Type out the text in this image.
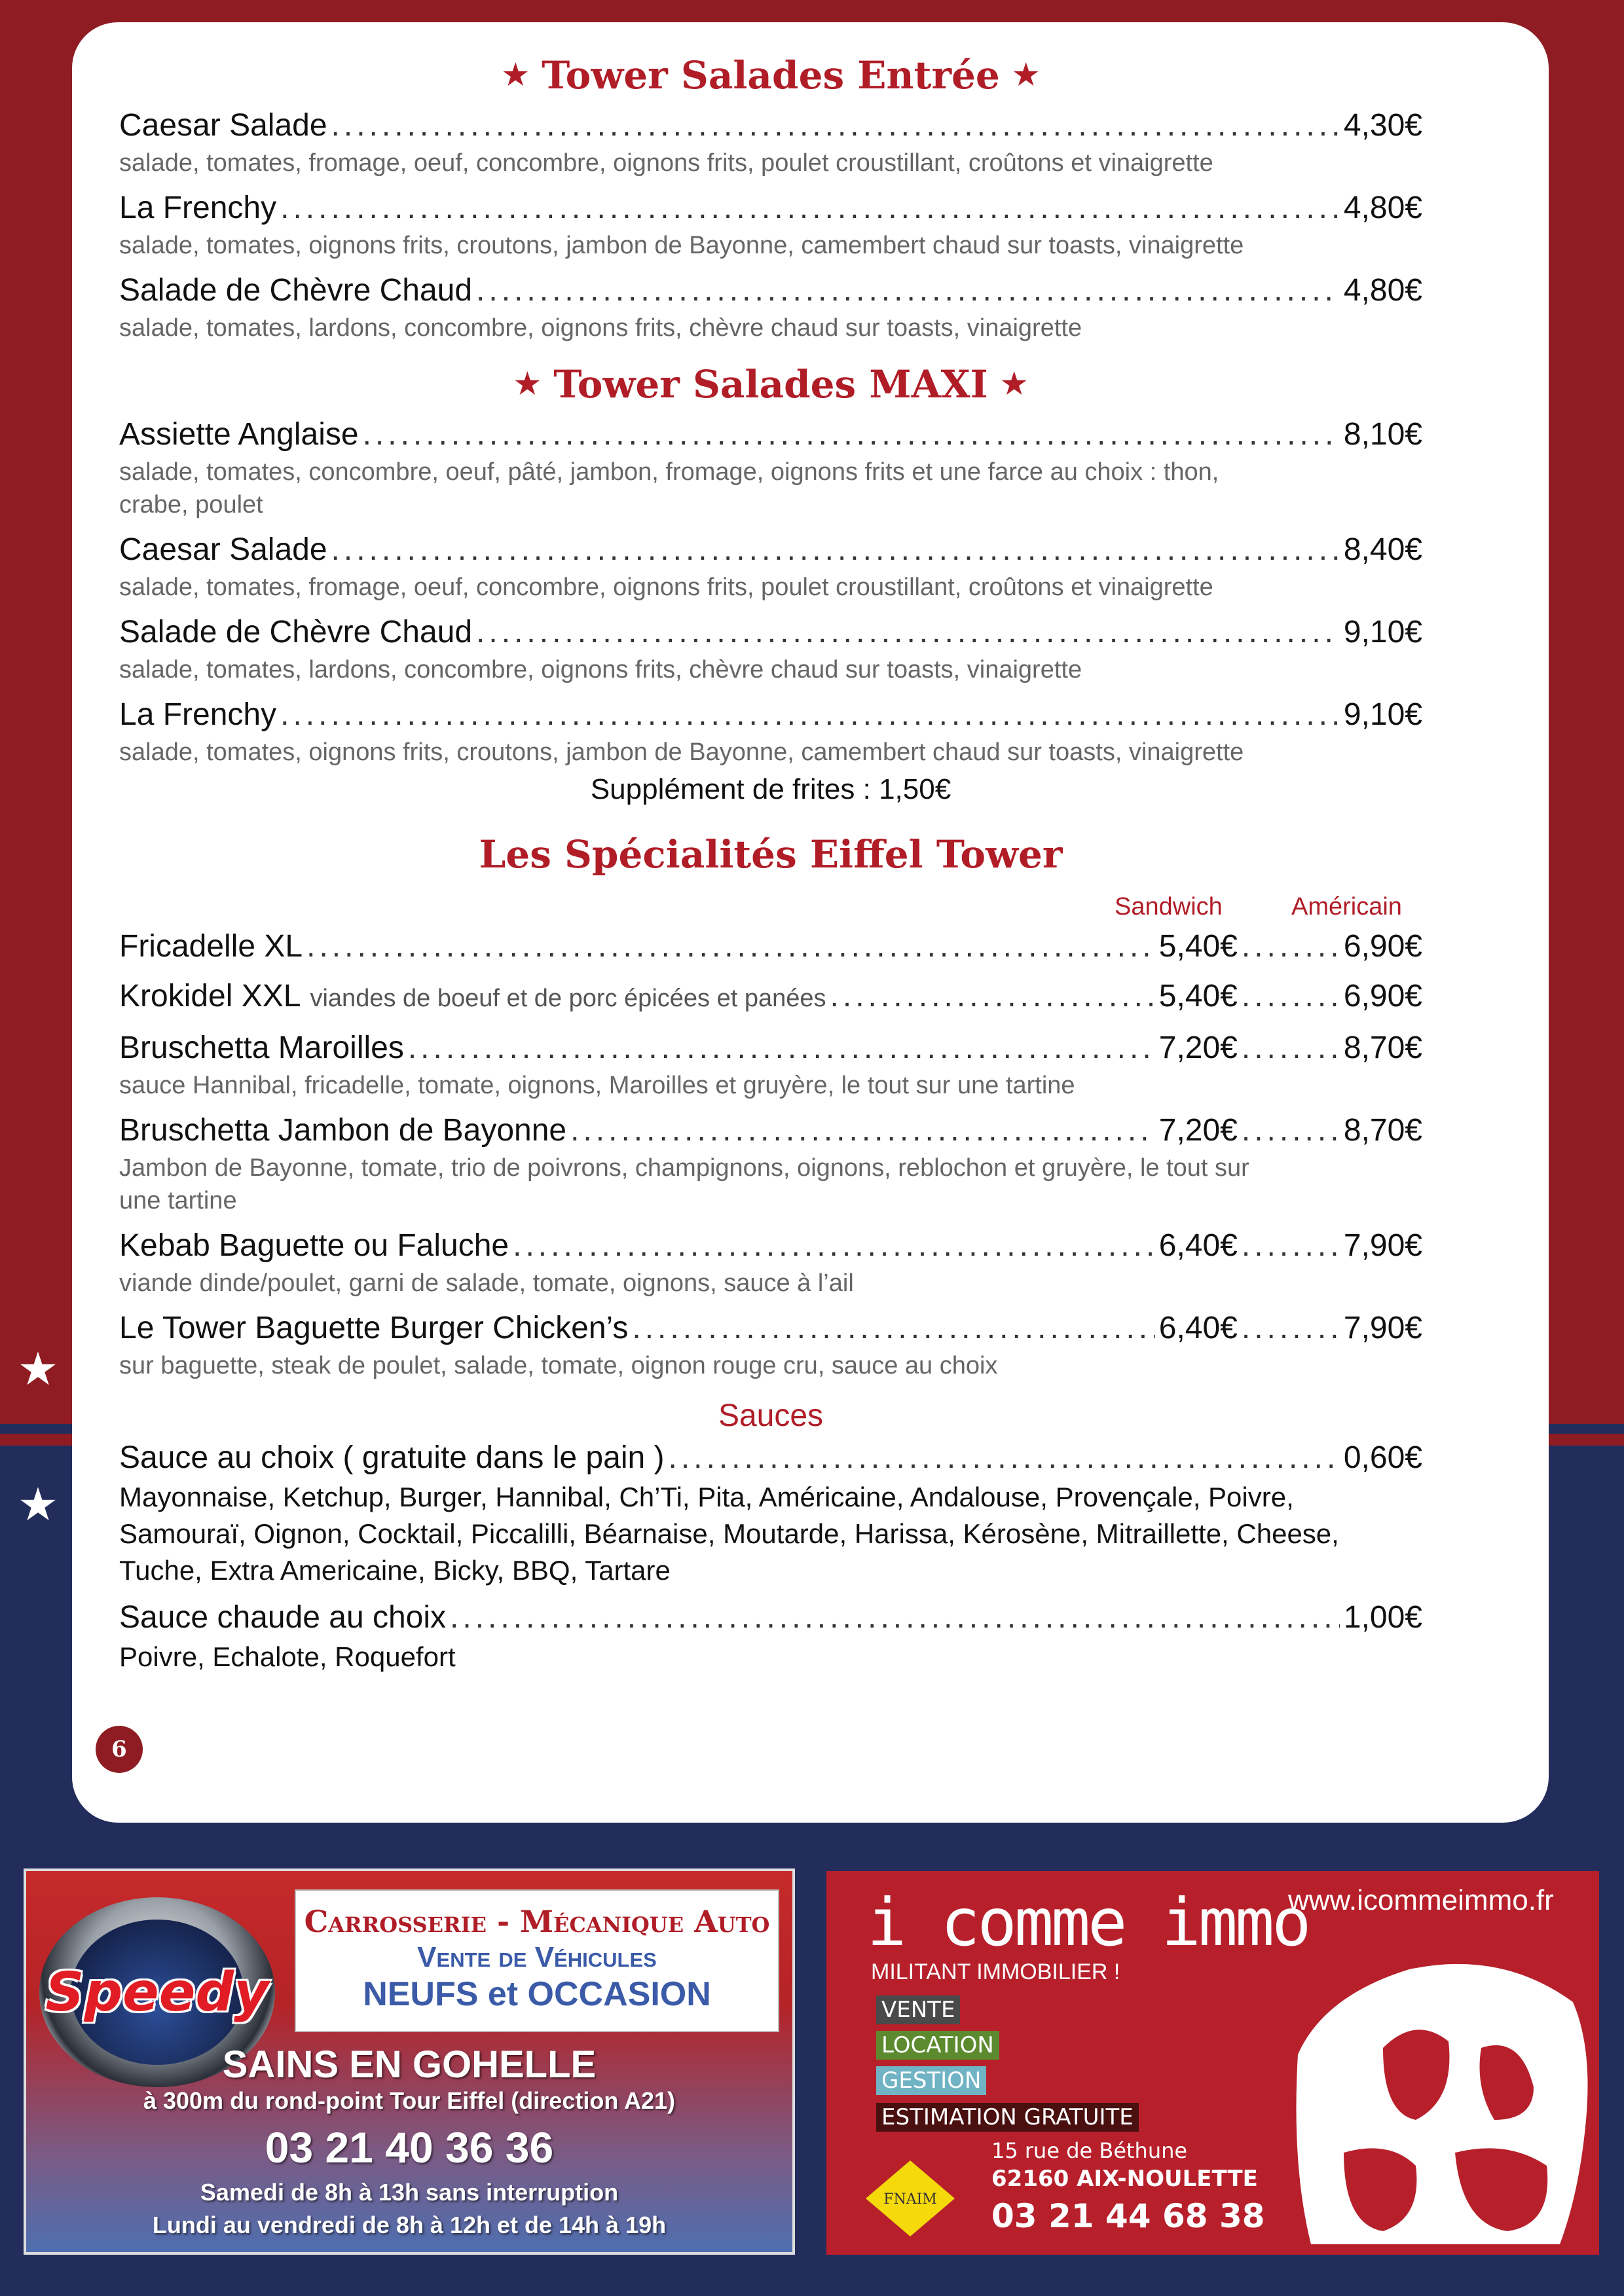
★
★
★ Tower Salades Entrée ★
Caesar Salade .....	4,30€
salade, tomates, fromage, oeuf, concombre, oignons frits, poulet croustillant, croûtons et vinaigrette
La Frenchy .....	4,80€
salade, tomates, oignons frits, croutons, jambon de Bayonne, camembert chaud sur toasts, vinaigrette
Salade de Chèvre Chaud .....	4,80€
salade, tomates, lardons, concombre, oignons frits, chèvre chaud sur toasts, vinaigrette
★ Tower Salades MAXI ★
Assiette Anglaise .....	8,10€
salade, tomates, concombre, oeuf, pâté, jambon, fromage, oignons frits et une farce au choix : thon, crabe, poulet
Caesar Salade .....	8,40€
salade, tomates, fromage, oeuf, concombre, oignons frits, poulet croustillant, croûtons et vinaigrette
Salade de Chèvre Chaud .....	9,10€
salade, tomates, lardons, concombre, oignons frits, chèvre chaud sur toasts, vinaigrette
La Frenchy .....	9,10€
salade, tomates, oignons frits, croutons, jambon de Bayonne, camembert chaud sur toasts, vinaigrette
Supplément de frites : 1,50€
Les Spécialités Eiffel Tower
Sandwich	Américain
Fricadelle XL .....	5,40€ .....	6,90€
Krokidel XXL viandes de boeuf et de porc épicées et panées .....	5,40€ .....	6,90€
Bruschetta Maroilles .....	7,20€ .....	8,70€
sauce Hannibal, fricadelle, tomate, oignons, Maroilles et gruyère, le tout sur une tartine
Bruschetta Jambon de Bayonne .....	7,20€ .....	8,70€
Jambon de Bayonne, tomate, trio de poivrons, champignons, oignons, reblochon et gruyère, le tout sur une tartine
Kebab Baguette ou Faluche .....	6,40€ .....	7,90€
viande dinde/poulet, garni de salade, tomate, oignons, sauce à l’ail
Le Tower Baguette Burger Chicken’s .....	6,40€ .....	7,90€
sur baguette, steak de poulet, salade, tomate, oignon rouge cru, sauce au choix
Sauces
Sauce au choix ( gratuite dans le pain ) .....	0,60€
Mayonnaise, Ketchup, Burger, Hannibal, Ch’Ti, Pita, Américaine, Andalouse, Provençale, Poivre, Samouraï, Oignon, Cocktail, Piccalilli, Béarnaise, Moutarde, Harissa, Kérosène, Mitraillette, Cheese, Tuche, Extra Americaine, Bicky, BBQ, Tartare
Sauce chaude au choix .....	1,00€
Poivre, Echalote, Roquefort
6
Speedy
Carrosserie - Mécanique Auto
Vente de Véhicules
NEUFS et OCCASION
SAINS EN GOHELLE
à 300m du rond-point Tour Eiffel (direction A21)
03 21 40 36 36
Samedi de 8h à 13h sans interruption
Lundi au vendredi de 8h à 12h et de 14h à 19h
i comme immo
www.icommeimmo.fr
MILITANT IMMOBILIER !
VENTE
LOCATION
GESTION
ESTIMATION GRATUITE
FNAIM
15 rue de Béthune
62160 AIX-NOULETTE
03 21 44 68 38
